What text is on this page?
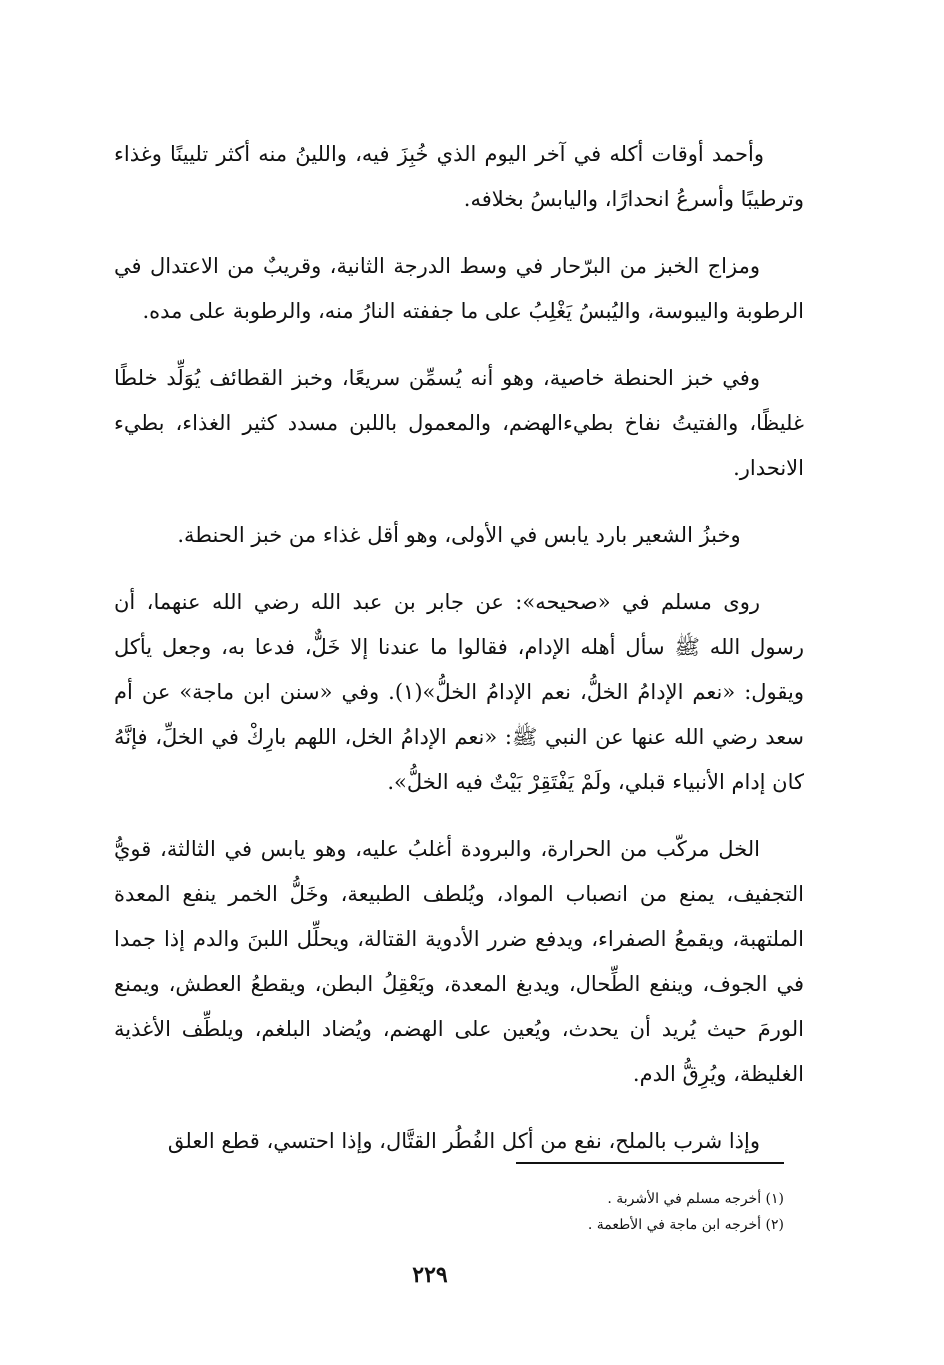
وأحمد أوقات أكله في آخر اليوم الذي خُبِزَ فيه، واللينُ منه أكثر تليينًا وغذاء وترطيبًا وأسرعُ انحدارًا، واليابسُ بخلافه.

ومزاج الخبز من البرّحار في وسط الدرجة الثانية، وقريبٌ من الاعتدال في الرطوبة واليبوسة، واليُبسُ يَغْلِبُ على ما جففته النارُ منه، والرطوبة على مده.

وفي خبز الحنطة خاصية، وهو أنه يُسمِّن سريعًا، وخبز القطائف يُوَلِّد خلطًا غليظًا، والفتيتُ نفاخ بطيءالهضم، والمعمول باللبن مسدد كثير الغذاء، بطيء الانحدار.

وخبزُ الشعير بارد يابس في الأولى، وهو أقل غذاء من خبز الحنطة.

روى مسلم في «صحيحه»: عن جابر بن عبد الله رضي الله عنهما، أن رسول الله ﷺ سأل أهله الإدام، فقالوا ما عندنا إلا خَلٌّ، فدعا به، وجعل يأكل ويقول: «نعم الإدامُ الخلُّ، نعم الإدامُ الخلُّ»(١). وفي «سنن ابن ماجة» عن أم سعد رضي الله عنها عن النبي ﷺ: «نعم الإدامُ الخل، اللهم بارِكْ في الخلِّ، فإنَّهُ كان إدام الأنبياء قبلي، ولَمْ يَفْتَقِرْ بَيْتٌ فيه الخلُّ».

الخل مركّب من الحرارة، والبرودة أغلبُ عليه، وهو يابس في الثالثة، قويُّ التجفيف، يمنع من انصباب المواد، ويُلطف الطبيعة، وخَلُّ الخمر ينفع المعدة الملتهبة، ويقمعُ الصفراء، ويدفع ضرر الأدوية القتالة، ويحلِّل اللبنَ والدم إذا جمدا في الجوف، وينفع الطِّحال، ويدبغ المعدة، ويَعْقِلُ البطن، ويقطعُ العطش، ويمنع الورمَ حيث يُريد أن يحدث، ويُعين على الهضم، ويُضاد البلغم، ويلطِّف الأغذية الغليظة، ويُرِقُّ الدم.

وإذا شرب بالملح، نفع من أكل الفُطُر القتَّال، وإذا احتسي، قطع العلق

(١) أخرجه مسلم في الأشربة .

(٢) أخرجه ابن ماجة في الأطعمة .

٢٢٩
